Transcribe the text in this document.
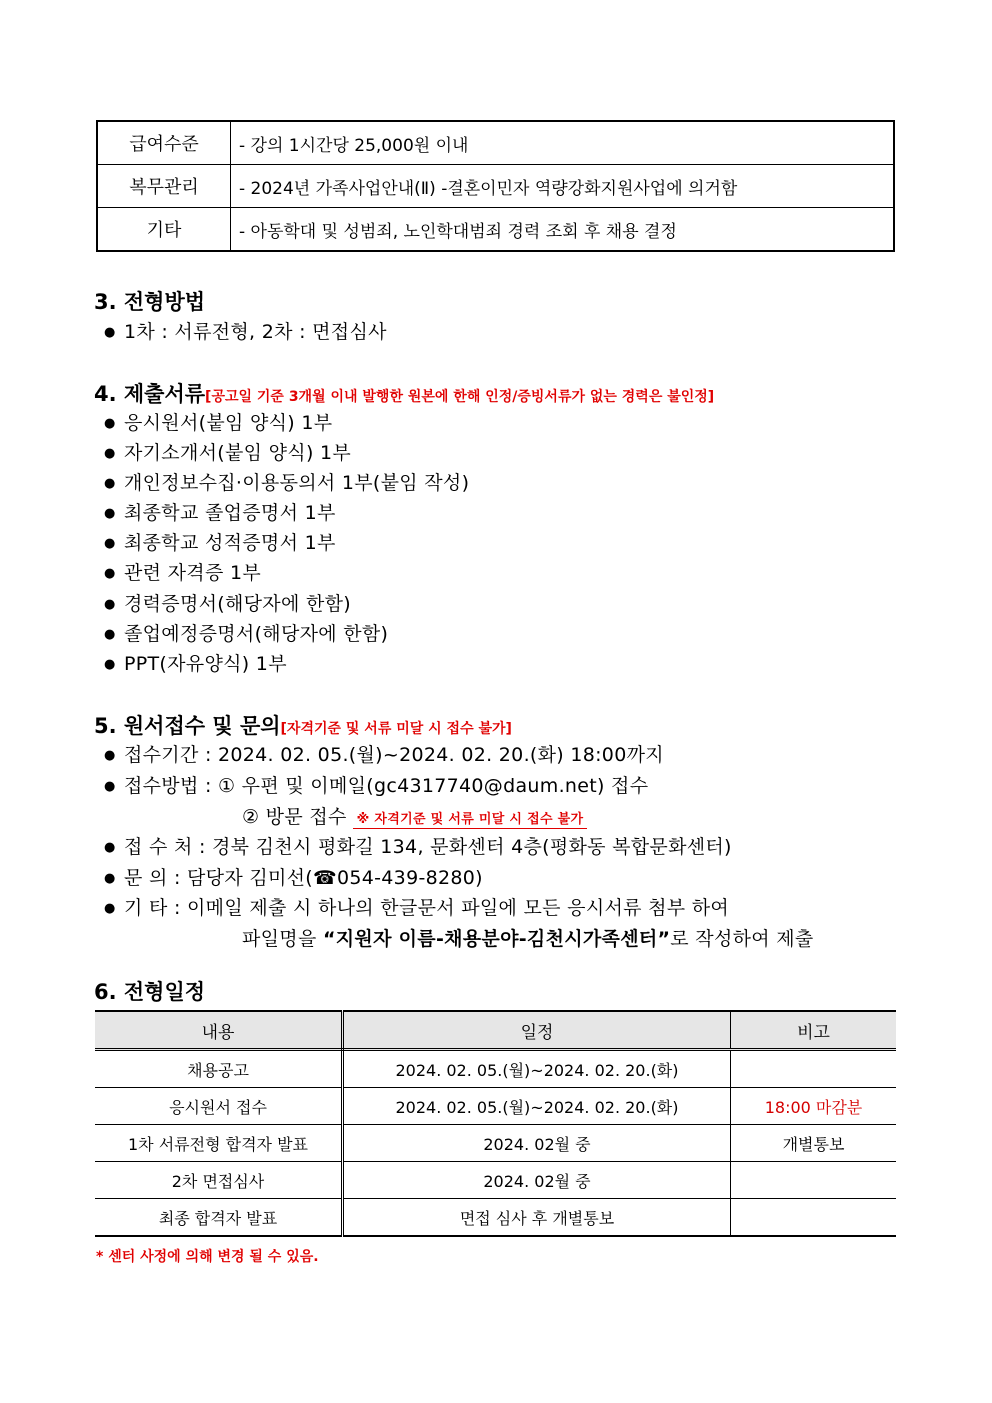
급여수준	- 강의 1시간당 25,000원 이내
복무관리	- 2024년 가족사업안내(Ⅱ) -결혼이민자 역량강화지원사업에 의거함
기타	- 아동학대 및 성범죄, 노인학대범죄 경력 조회 후 채용 결정
3. 전형방법
● 1차 : 서류전형, 2차 : 면접심사
4. 제출서류[공고일 기준 3개월 이내 발행한 원본에 한해 인정/증빙서류가 없는 경력은 불인정]
● 응시원서(붙임 양식) 1부
● 자기소개서(붙임 양식) 1부
● 개인정보수집·이용동의서 1부(붙임 작성)
● 최종학교 졸업증명서 1부
● 최종학교 성적증명서 1부
● 관련 자격증 1부
● 경력증명서(해당자에 한함)
● 졸업예정증명서(해당자에 한함)
● PPT(자유양식) 1부
5. 원서접수 및 문의[자격기준 및 서류 미달 시 접수 불가]
● 접수기간 : 2024. 02. 05.(월)~2024. 02. 20.(화) 18:00까지
● 접수방법 : ① 우편 및 이메일(gc4317740@daum.net) 접수
② 방문 접수 ※ 자격기준 및 서류 미달 시 접수 불가
● 접 수 처 : 경북 김천시 평화길 134, 문화센터 4층(평화동 복합문화센터)
● 문 의 : 담당자 김미선(☎054-439-8280)
● 기 타 : 이메일 제출 시 하나의 한글문서 파일에 모든 응시서류 첨부 하여
파일명을 “지원자 이름-채용분야-김천시가족센터”로 작성하여 제출
6. 전형일정
내용	일정	비고
채용공고	2024. 02. 05.(월)~2024. 02. 20.(화)	
응시원서 접수	2024. 02. 05.(월)~2024. 02. 20.(화)	18:00 마감분
1차 서류전형 합격자 발표	2024. 02월 중	개별통보
2차 면접심사	2024. 02월 중	
최종 합격자 발표	면접 심사 후 개별통보	
* 센터 사정에 의해 변경 될 수 있음.
